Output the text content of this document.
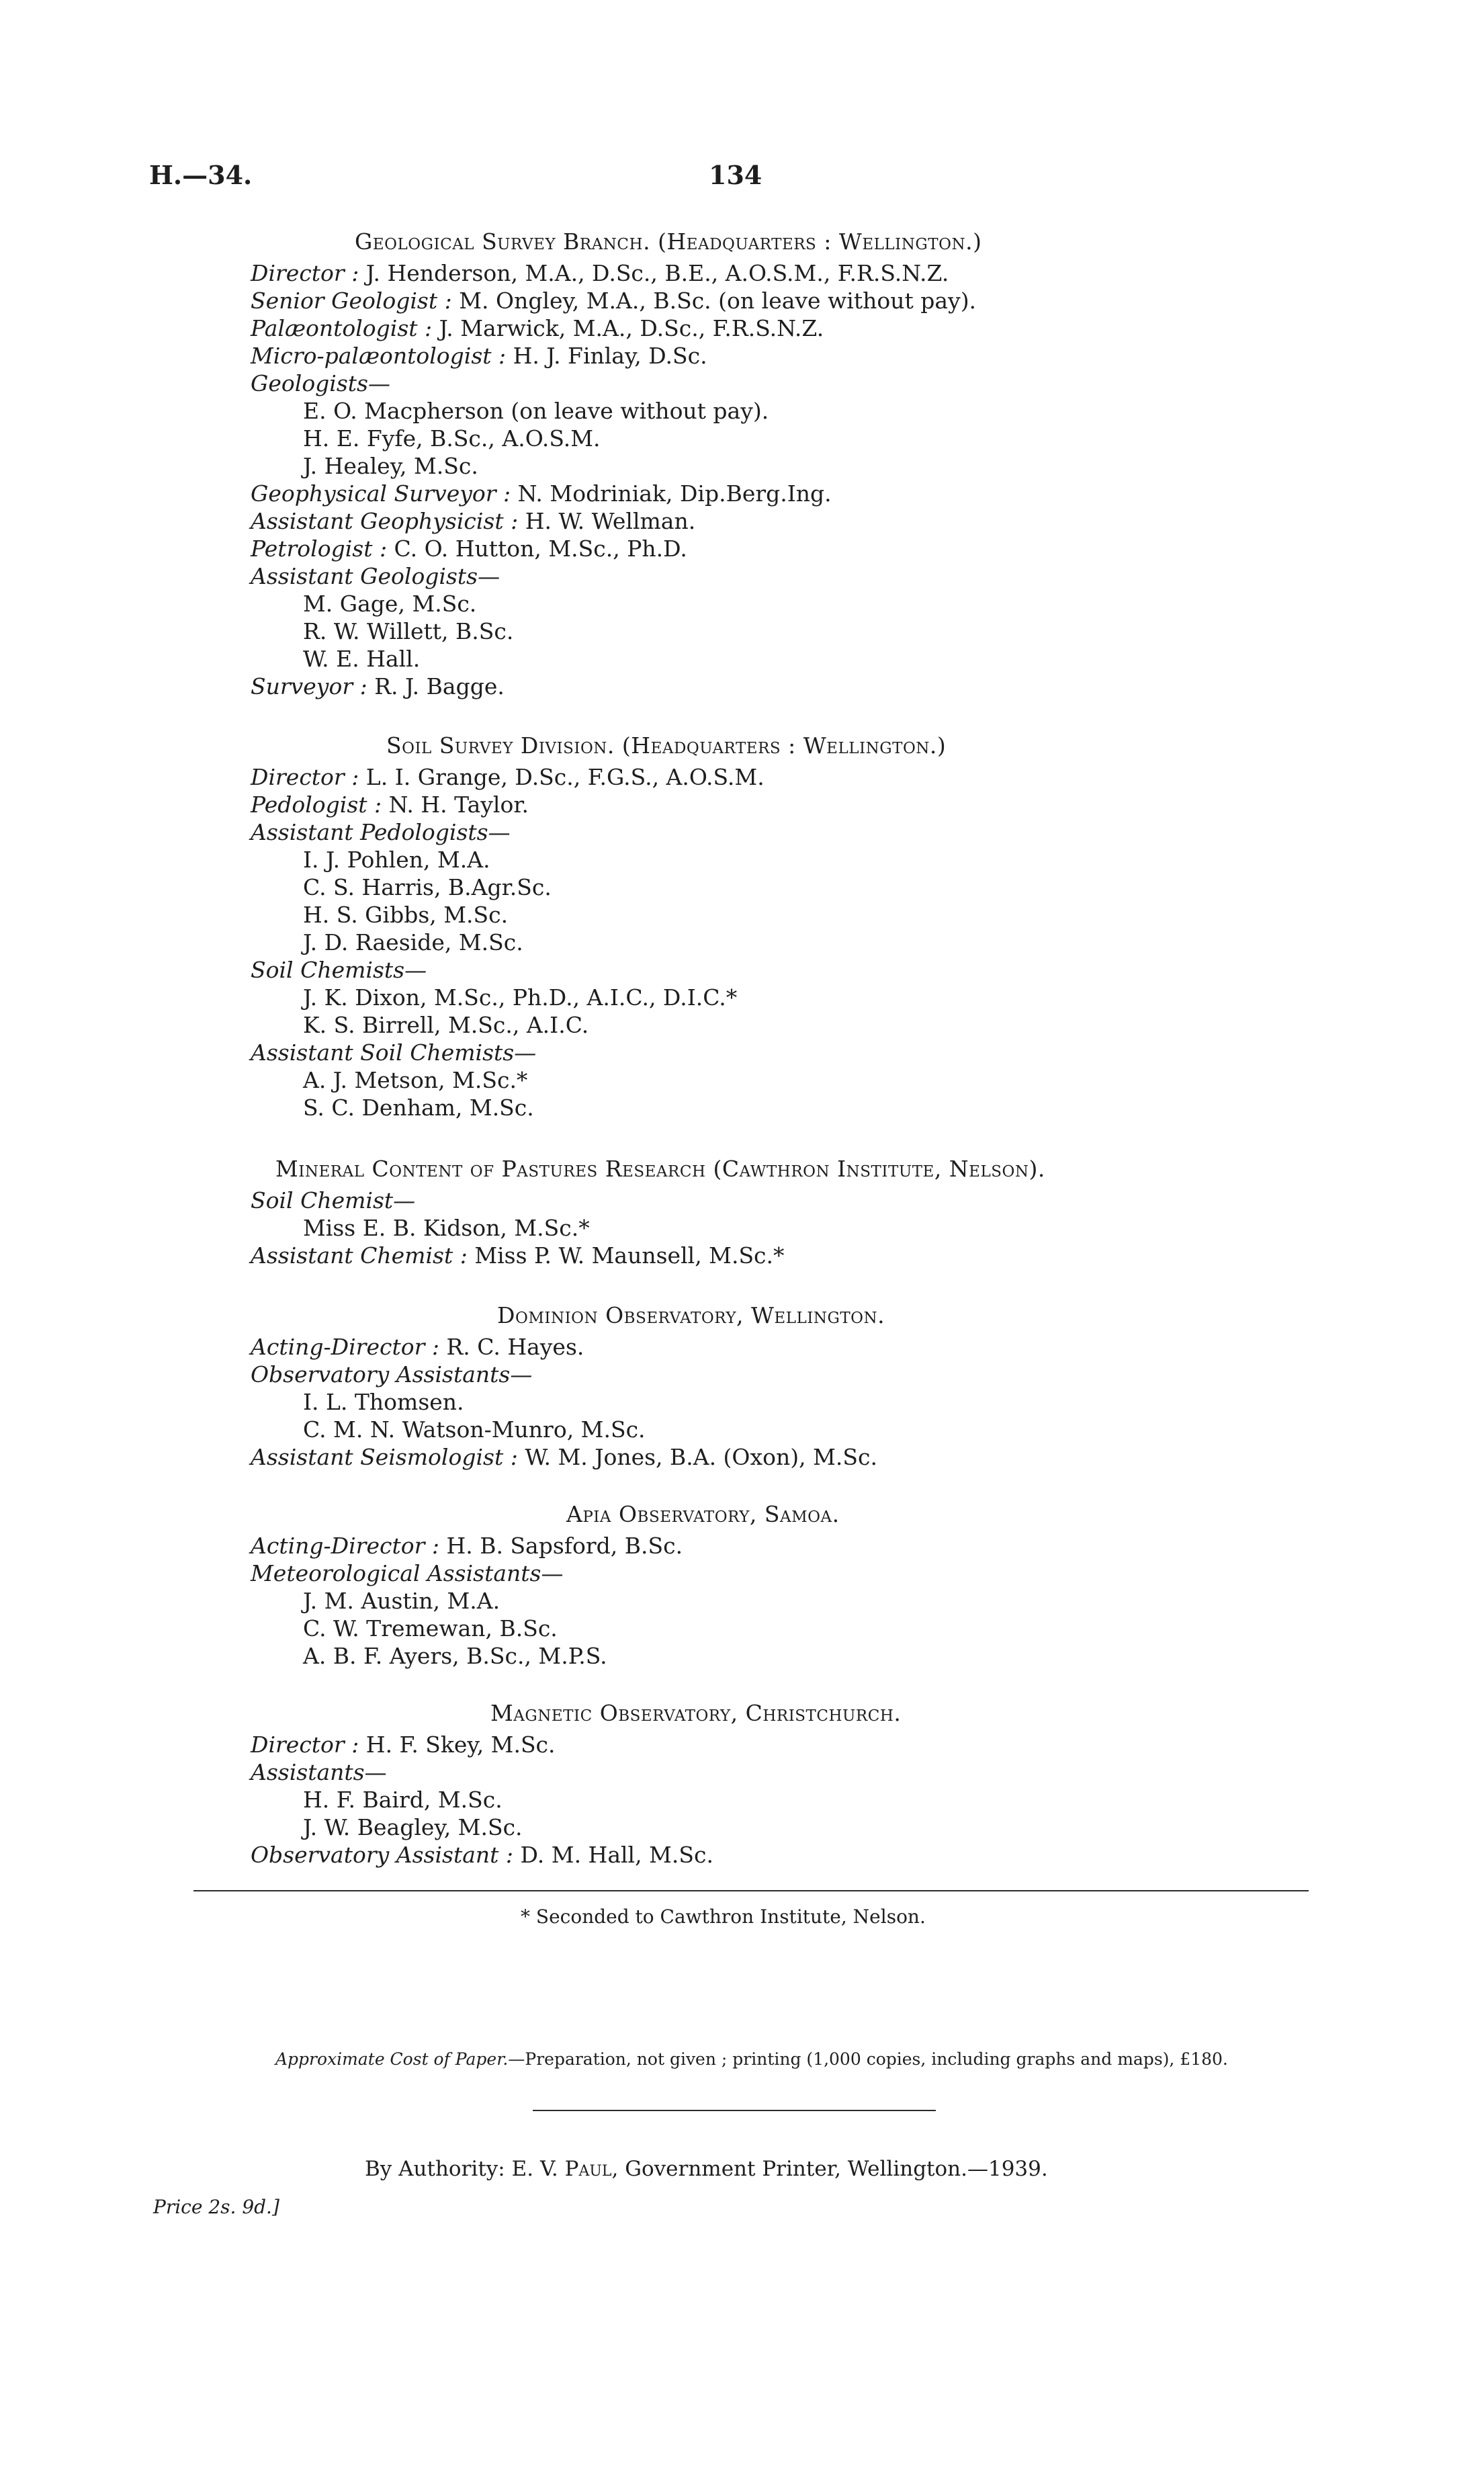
H.—34.	134
Geological Survey Branch. (Headquarters : Wellington.)
Director : J. Henderson, M.A., D.Sc., B.E., A.O.S.M., F.R.S.N.Z.
Senior Geologist : M. Ongley, M.A., B.Sc. (on leave without pay).
Palæontologist : J. Marwick, M.A., D.Sc., F.R.S.N.Z.
Micro-palæontologist : H. J. Finlay, D.Sc.
Geologists—
E. O. Macpherson (on leave without pay).
H. E. Fyfe, B.Sc., A.O.S.M.
J. Healey, M.Sc.
Geophysical Surveyor : N. Modriniak, Dip.Berg.Ing.
Assistant Geophysicist : H. W. Wellman.
Petrologist : C. O. Hutton, M.Sc., Ph.D.
Assistant Geologists—
M. Gage, M.Sc.
R. W. Willett, B.Sc.
W. E. Hall.
Surveyor : R. J. Bagge.
Soil Survey Division. (Headquarters : Wellington.)
Director : L. I. Grange, D.Sc., F.G.S., A.O.S.M.
Pedologist : N. H. Taylor.
Assistant Pedologists—
I. J. Pohlen, M.A.
C. S. Harris, B.Agr.Sc.
H. S. Gibbs, M.Sc.
J. D. Raeside, M.Sc.
Soil Chemists—
J. K. Dixon, M.Sc., Ph.D., A.I.C., D.I.C.*
K. S. Birrell, M.Sc., A.I.C.
Assistant Soil Chemists—
A. J. Metson, M.Sc.*
S. C. Denham, M.Sc.
Mineral Content of Pastures Research (Cawthron Institute, Nelson).
Soil Chemist—
Miss E. B. Kidson, M.Sc.*
Assistant Chemist : Miss P. W. Maunsell, M.Sc.*
Dominion Observatory, Wellington.
Acting-Director : R. C. Hayes.
Observatory Assistants—
I. L. Thomsen.
C. M. N. Watson-Munro, M.Sc.
Assistant Seismologist : W. M. Jones, B.A. (Oxon), M.Sc.
Apia Observatory, Samoa.
Acting-Director : H. B. Sapsford, B.Sc.
Meteorological Assistants—
J. M. Austin, M.A.
C. W. Tremewan, B.Sc.
A. B. F. Ayers, B.Sc., M.P.S.
Magnetic Observatory, Christchurch.
Director : H. F. Skey, M.Sc.
Assistants—
H. F. Baird, M.Sc.
J. W. Beagley, M.Sc.
Observatory Assistant : D. M. Hall, M.Sc.
* Seconded to Cawthron Institute, Nelson.
Approximate Cost of Paper.—Preparation, not given ; printing (1,000 copies, including graphs and maps), £180.
By Authority: E. V. Paul, Government Printer, Wellington.—1939.
Price 2s. 9d.]
